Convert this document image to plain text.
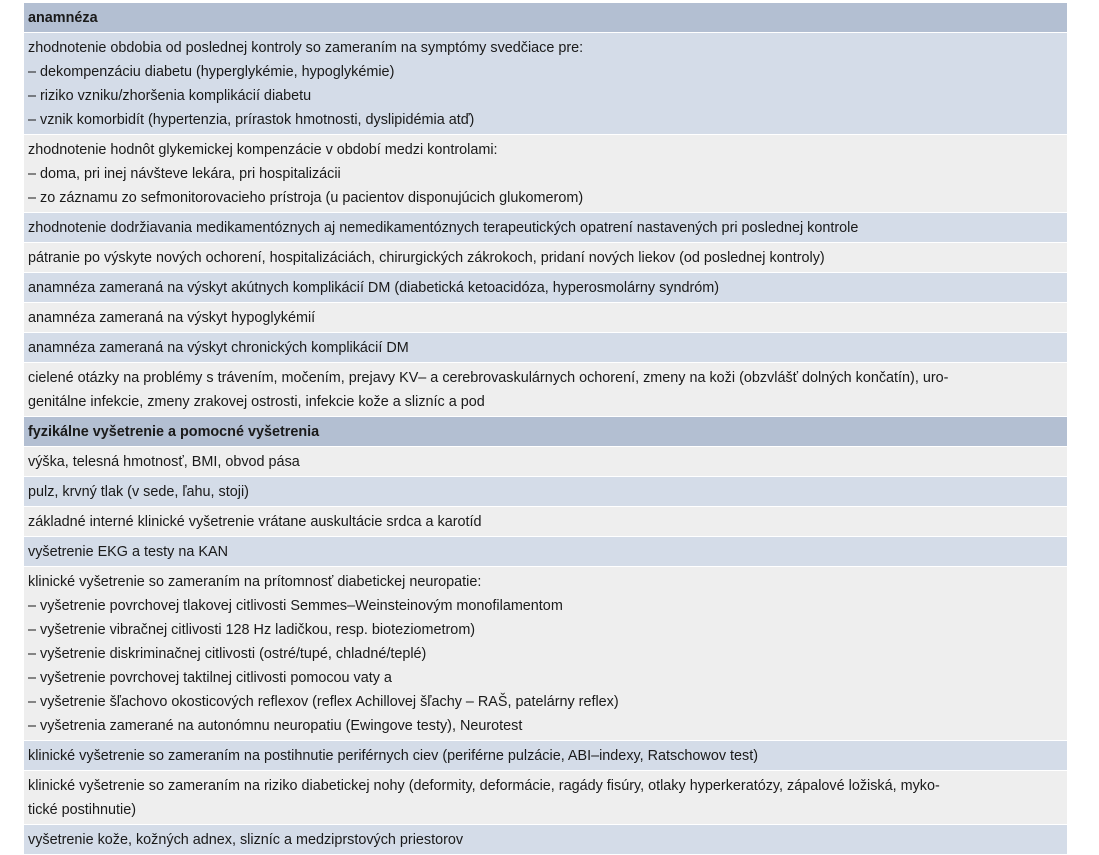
anamnéza
zhodnotenie obdobia od poslednej kontroly so zameraním na symptómy svedčiace pre:
– dekompenzáciu diabetu (hyperglykémie, hypoglykémie)
– riziko vzniku/zhoršenia komplikácií diabetu
– vznik komorbidít (hypertenzia, prírastok hmotnosti, dyslipidémia atď)
zhodnotenie hodnôt glykemickej kompenzácie v období medzi kontrolami:
– doma, pri inej návšteve lekára, pri hospitalizácii
– zo záznamu zo sefmonitorovacieho prístroja (u pacientov disponujúcich glukomerom)
zhodnotenie dodržiavania medikamentóznych aj nemedikamentóznych terapeutických opatrení nastavených pri poslednej kontrole
pátranie po výskyte nových ochorení, hospitalizáciách, chirurgických zákrokoch, pridaní nových liekov (od poslednej kontroly)
anamnéza zameraná na výskyt akútnych komplikácií DM (diabetická ketoacidóza, hyperosmolárny syndróm)
anamnéza zameraná na výskyt hypoglykémií
anamnéza zameraná na výskyt chronických komplikácií DM
cielené otázky na problémy s trávením, močením, prejavy KV– a cerebrovaskulárnych ochorení, zmeny na koži (obzvlášť dolných končatín), uro-
genitálne infekcie, zmeny zrakovej ostrosti, infekcie kože a slizníc a pod
fyzikálne vyšetrenie a pomocné vyšetrenia
výška, telesná hmotnosť, BMI, obvod pása
pulz, krvný tlak (v sede, ľahu, stoji)
základné interné klinické vyšetrenie vrátane auskultácie srdca a karotíd
vyšetrenie EKG a testy na KAN
klinické vyšetrenie so zameraním na prítomnosť diabetickej neuropatie:
– vyšetrenie povrchovej tlakovej citlivosti Semmes–Weinsteinovým monofilamentom
– vyšetrenie vibračnej citlivosti 128 Hz ladičkou, resp. bioteziometrom)
– vyšetrenie diskriminačnej citlivosti (ostré/tupé, chladné/teplé)
– vyšetrenie povrchovej taktilnej citlivosti pomocou vaty a
– vyšetrenie šľachovo okosticových reflexov (reflex Achillovej šľachy – RAŠ, patelárny reflex)
– vyšetrenia zamerané na autonómnu neuropatiu (Ewingove testy), Neurotest
klinické vyšetrenie so zameraním na postihnutie periférnych ciev (periférne pulzácie, ABI–indexy, Ratschowov test)
klinické vyšetrenie so zameraním na riziko diabetickej nohy (deformity, deformácie, ragády fisúry, otlaky hyperkeratózy, zápalové ložiská, myko-
tické postihnutie)
vyšetrenie kože, kožných adnex, slizníc a medziprstových priestorov
